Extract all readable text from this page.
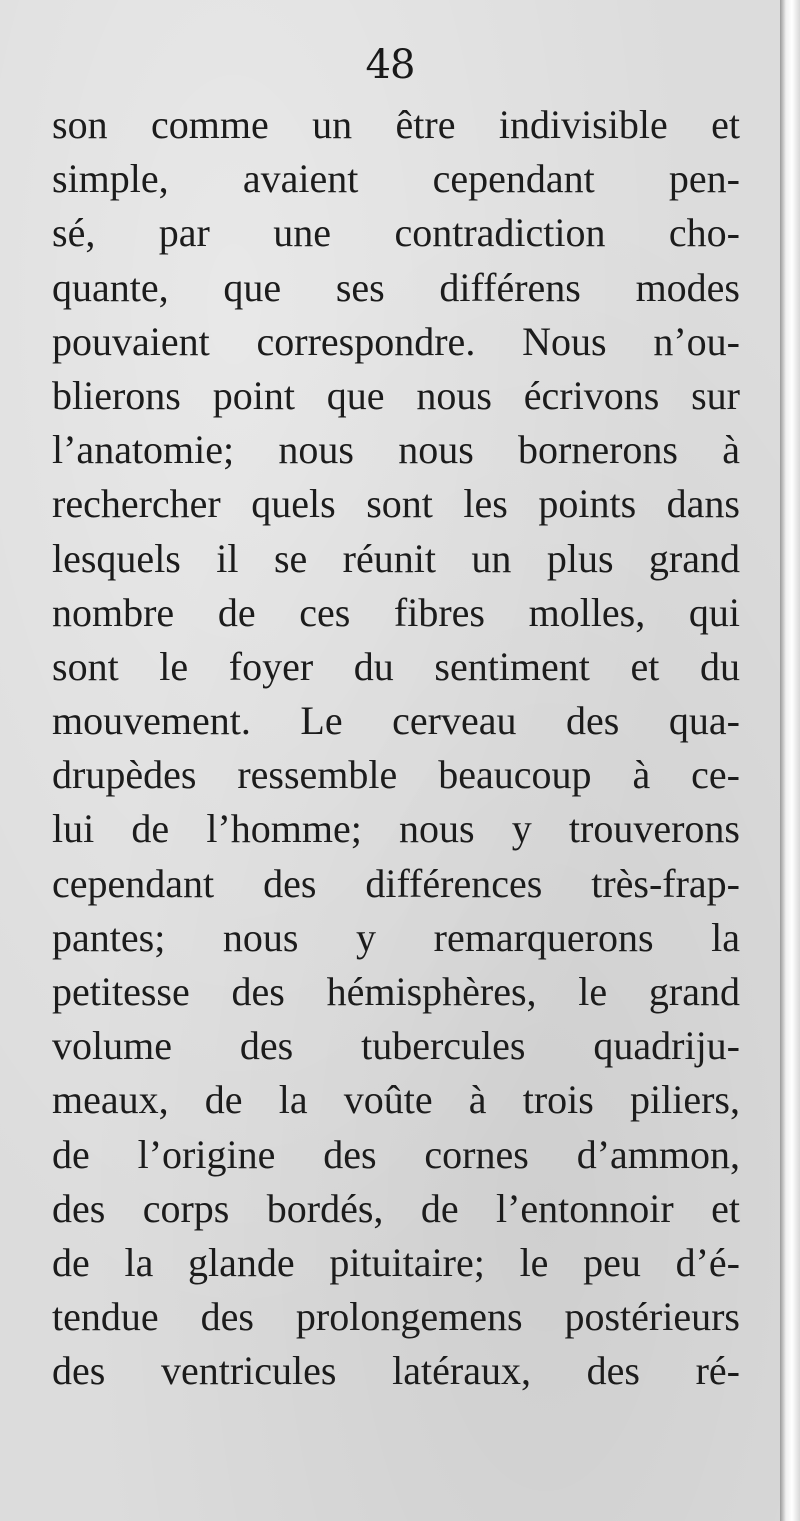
48
son comme un être indivisible et
simple, avaient cependant pen-
sé, par une contradiction cho-
quante, que ses différens modes
pouvaient correspondre. Nous n’ou-
blierons point que nous écrivons sur
l’anatomie; nous nous bornerons à
rechercher quels sont les points dans
lesquels il se réunit un plus grand
nombre de ces fibres molles, qui
sont le foyer du sentiment et du
mouvement. Le cerveau des qua-
drupèdes ressemble beaucoup à ce-
lui de l’homme; nous y trouverons
cependant des différences très-frap-
pantes; nous y remarquerons la
petitesse des hémisphères, le grand
volume des tubercules quadriju-
meaux, de la voûte à trois piliers,
de l’origine des cornes d’ammon,
des corps bordés, de l’entonnoir et
de la glande pituitaire; le peu d’é-
tendue des prolongemens postérieurs
des ventricules latéraux, des ré-
